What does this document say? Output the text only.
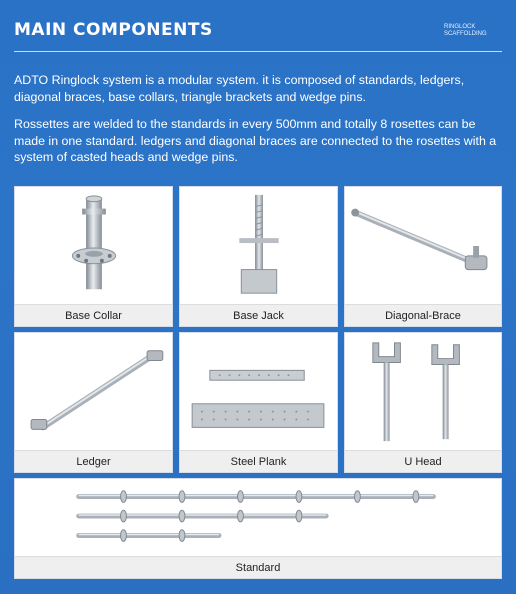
MAIN COMPONENTS	RINGLOCK SCAFFOLDING
ADTO Ringlock system is a modular system. it is composed of standards, ledgers, diagonal braces, base collars, triangle brackets and wedge pins.
Rossettes are welded to the standards in every 500mm and totally 8 rosettes can be made in one standard. ledgers and diagonal braces are connected to the rosettes with a system of casted heads and wedge pins.
Base Collar	Base Jack	Diagonal-Brace
Ledger	Steel Plank	U Head
Standard
